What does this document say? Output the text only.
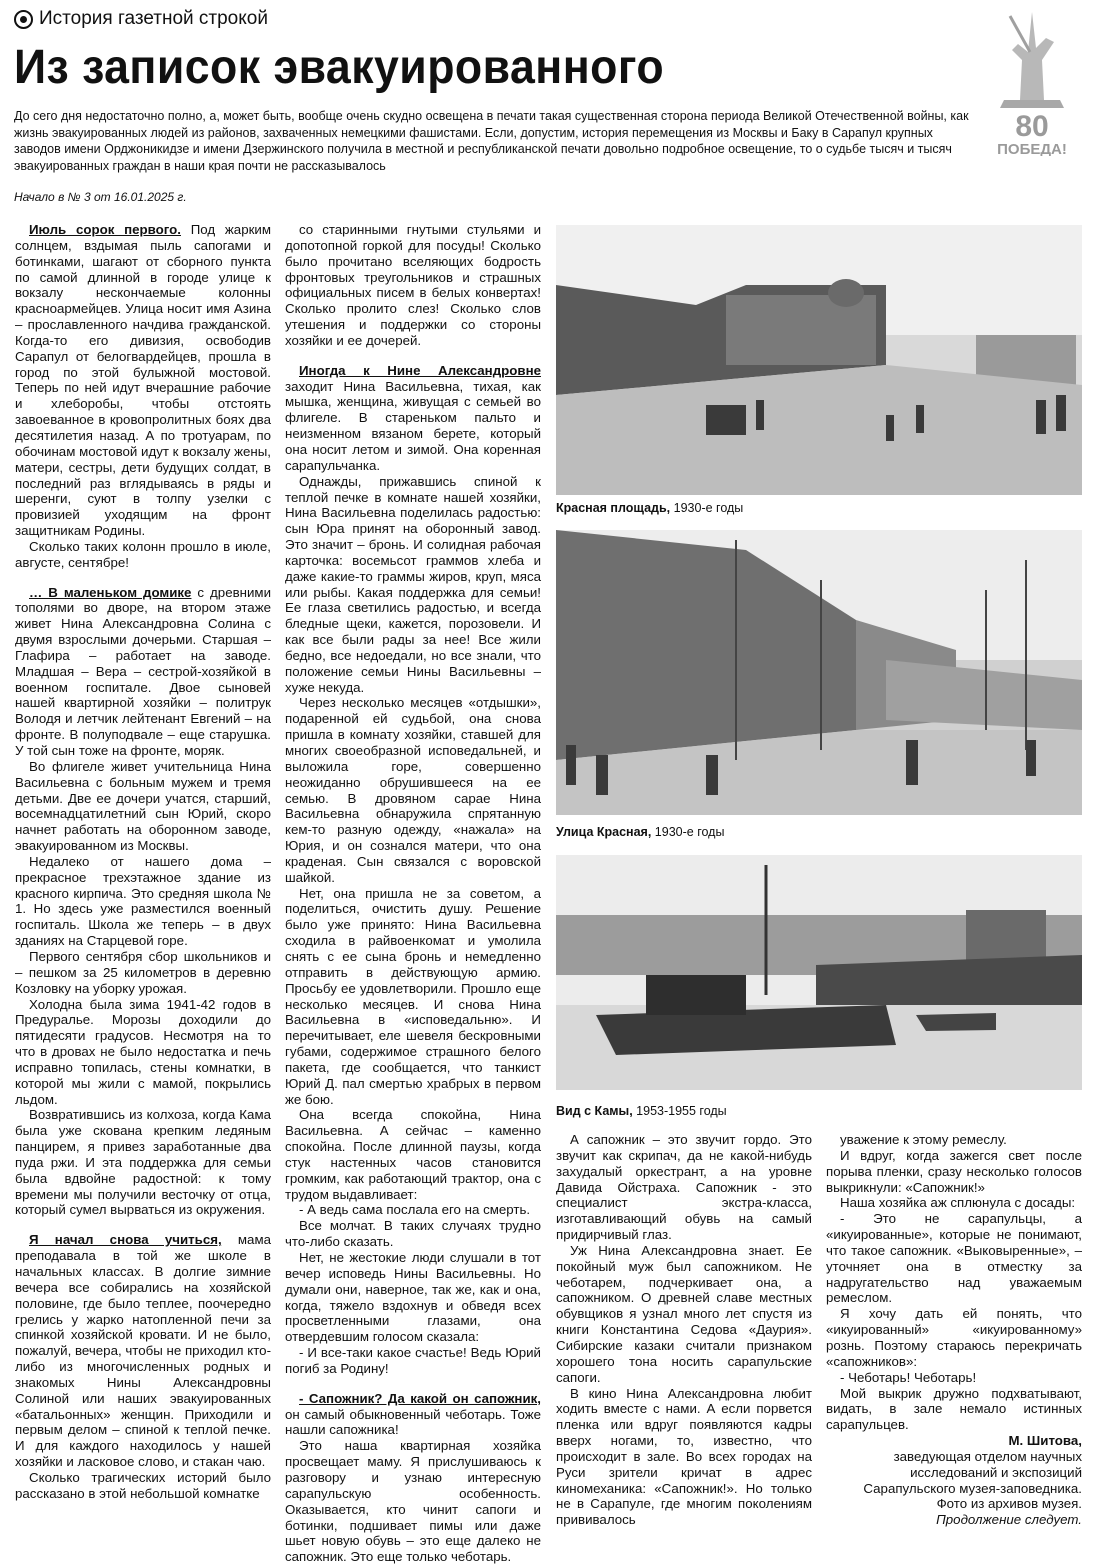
История газетной строкой
Из записок эвакуированного
До сего дня недостаточно полно, а, может быть, вообще очень скудно освещена в печати такая существенная сторона периода Великой Отечественной войны, как жизнь эвакуированных людей из районов, захваченных немецкими фашистами. Если, допустим, история перемещения из Москвы и Баку в Сарапул крупных заводов имени Орджоникидзе и имени Дзержинского получила в местной и республиканской печати довольно подробное освещение, то о судьбе тысяч и тысяч эвакуированных граждан в наши края почти не рассказывалось
80
ПОБЕДА!
Начало в № 3 от 16.01.2025 г.

Июль сорок первого. Под жарким солнцем, вздымая пыль сапогами и ботинками, шагают от сборного пункта по самой длинной в городе улице к вокзалу нескончаемые колонны красноармейцев. Улица носит имя Азина – прославленного начдива гражданской. Когда-то его дивизия, освободив Сарапул от белогвардейцев, прошла в город по этой булыжной мостовой. Теперь по ней идут вчерашние рабочие и хлеборобы, чтобы отстоять завоеванное в кровопролитных боях два десятилетия назад. А по тротуарам, по обочинам мостовой идут к вокзалу жены, матери, сестры, дети будущих солдат, в последний раз вглядываясь в ряды и шеренги, суют в толпу узелки с провизией уходящим на фронт защитникам Родины.

Сколько таких колонн прошло в июле, августе, сентябре!

… В маленьком домике с древними тополями во дворе, на втором этаже живет Нина Александровна Солина с двумя взрослыми дочерьми. Старшая – Глафира – работает на заводе. Младшая – Вера – сестрой-хозяйкой в военном госпитале. Двое сыновей нашей квартирной хозяйки – политрук Володя и летчик лейтенант Евгений – на фронте. В полуподвале – еще старушка. У той сын тоже на фронте, моряк.

Во флигеле живет учительница Нина Васильевна с больным мужем и тремя детьми. Две ее дочери учатся, старший, восемнадцатилетний сын Юрий, скоро начнет работать на оборонном заводе, эвакуированном из Москвы.

Недалеко от нашего дома – прекрасное трехэтажное здание из красного кирпича. Это средняя школа № 1. Но здесь уже разместился военный госпиталь. Школа же теперь – в двух зданиях на Старцевой горе.

Первого сентября сбор школьников и – пешком за 25 километров в деревню Козловку на уборку урожая.

Холодна была зима 1941-42 годов в Предуралье. Морозы доходили до пятидесяти градусов. Несмотря на то что в дровах не было недостатка и печь исправно топилась, стены комнатки, в которой мы жили с мамой, покрылись льдом.

Возвратившись из колхоза, когда Кама была уже скована крепким ледяным панцирем, я привез заработанные два пуда ржи. И эта поддержка для семьи была вдвойне радостной: к тому времени мы получили весточку от отца, который сумел вырваться из окружения.

Я начал снова учиться, мама преподавала в той же школе в начальных классах. В долгие зимние вечера все собирались на хозяйской половине, где было теплее, поочередно грелись у жарко натопленной печи за спинкой хозяйской кровати. И не было, пожалуй, вечера, чтобы не приходил кто-либо из многочисленных родных и знакомых Нины Александровны Солиной или наших эвакуированных «батальонных» женщин. Приходили и первым делом – спиной к теплой печке. И для каждого находилось у нашей хозяйки и ласковое слово, и стакан чаю.

Сколько трагических историй было рассказано в этой небольшой комнатке

со старинными гнутыми стульями и допотопной горкой для посуды! Сколько было прочитано вселяющих бодрость фронтовых треугольников и страшных официальных писем в белых конвертах! Сколько пролито слез! Сколько слов утешения и поддержки со стороны хозяйки и ее дочерей.

Иногда к Нине Александровне заходит Нина Васильевна, тихая, как мышка, женщина, живущая с семьей во флигеле. В стареньком пальто и неизменном вязаном берете, который она носит летом и зимой. Она коренная сарапульчанка.

Однажды, прижавшись спиной к теплой печке в комнате нашей хозяйки, Нина Васильевна поделилась радостью: сын Юра принят на оборонный завод. Это значит – бронь. И солидная рабочая карточка: восемьсот граммов хлеба и даже какие-то граммы жиров, круп, мяса или рыбы. Какая поддержка для семьи! Ее глаза светились радостью, и всегда бледные щеки, кажется, порозовели. И как все были рады за нее! Все жили бедно, все недоедали, но все знали, что положение семьи Нины Васильевны – хуже некуда.

Через несколько месяцев «отдышки», подаренной ей судьбой, она снова пришла в комнату хозяйки, ставшей для многих своеобразной исповедальней, и выложила горе, совершенно неожиданно обрушившееся на ее семью. В дровяном сарае Нина Васильевна обнаружила спрятанную кем-то разную одежду, «нажала» на Юрия, и он сознался матери, что она краденая. Сын связался с воровской шайкой.

Нет, она пришла не за советом, а поделиться, очистить душу. Решение было уже принято: Нина Васильевна сходила в райвоенкомат и умолила снять с ее сына бронь и немедленно отправить в действующую армию. Просьбу ее удовлетворили. Прошло еще несколько месяцев. И снова Нина Васильевна в «исповедальню». И перечитывает, еле шевеля бескровными губами, содержимое страшного белого пакета, где сообщается, что танкист Юрий Д. пал смертью храбрых в первом же бою.

Она всегда спокойна, Нина Васильевна. А сейчас – каменно спокойна. После длинной паузы, когда стук настенных часов становится громким, как работающий трактор, она с трудом выдавливает:

- А ведь сама послала его на смерть.

Все молчат. В таких случаях трудно что-либо сказать.

Нет, не жестокие люди слушали в тот вечер исповедь Нины Васильевны. Но думали они, наверное, так же, как и она, когда, тяжело вздохнув и обведя всех просветленными глазами, она отвердевшим голосом сказала:

- И все-таки какое счастье! Ведь Юрий погиб за Родину!

- Сапожник? Да какой он сапожник, он самый обыкновенный чеботарь. Тоже нашли сапожника!

Это наша квартирная хозяйка просвещает маму. Я прислушиваюсь к разговору и узнаю интересную сарапульскую особенность. Оказывается, кто чинит сапоги и ботинки, подшивает пимы или даже шьет новую обувь – это еще далеко не сапожник. Это еще только чеботарь.

Красная площадь, 1930-е годы
Улица Красная, 1930-е годы
Вид с Камы, 1953-1955 годы

А сапожник – это звучит гордо. Это звучит как скрипач, да не какой-нибудь захудалый оркестрант, а на уровне Давида Ойстраха. Сапожник - это специалист экстра-класса, изготавливающий обувь на самый придирчивый глаз.

Уж Нина Александровна знает. Ее покойный муж был сапожником. Не чеботарем, подчеркивает она, а сапожником. О древней славе местных обувщиков я узнал много лет спустя из книги Константина Седова «Даурия». Сибирские казаки считали признаком хорошего тона носить сарапульские сапоги.

В кино Нина Александровна любит ходить вместе с нами. А если порвется пленка или вдруг появляются кадры вверх ногами, то, известно, что происходит в зале. Во всех городах на Руси зрители кричат в адрес киномеханика: «Сапожник!». Но только не в Сарапуле, где многим поколениям прививалось

уважение к этому ремеслу.

И вдруг, когда зажегся свет после порыва пленки, сразу несколько голосов выкрикнули: «Сапожник!»

Наша хозяйка аж сплюнула с досады:

- Это не сарапульцы, а «икуированные», которые не понимают, что такое сапожник. «Выковыренные», – уточняет она в отместку за надругательство над уважаемым ремеслом.

Я хочу дать ей понять, что «икуированный» «икуированному» рознь. Поэтому стараюсь перекричать «сапожников»:

- Чеботарь! Чеботарь!

Мой выкрик дружно подхватывают, видать, в зале немало истинных сарапульцев.

М. Шитова,

заведующая отделом научных исследований и экспозиций Сарапульского музея-заповедника.

Фото из архивов музея.

Продолжение следует.
